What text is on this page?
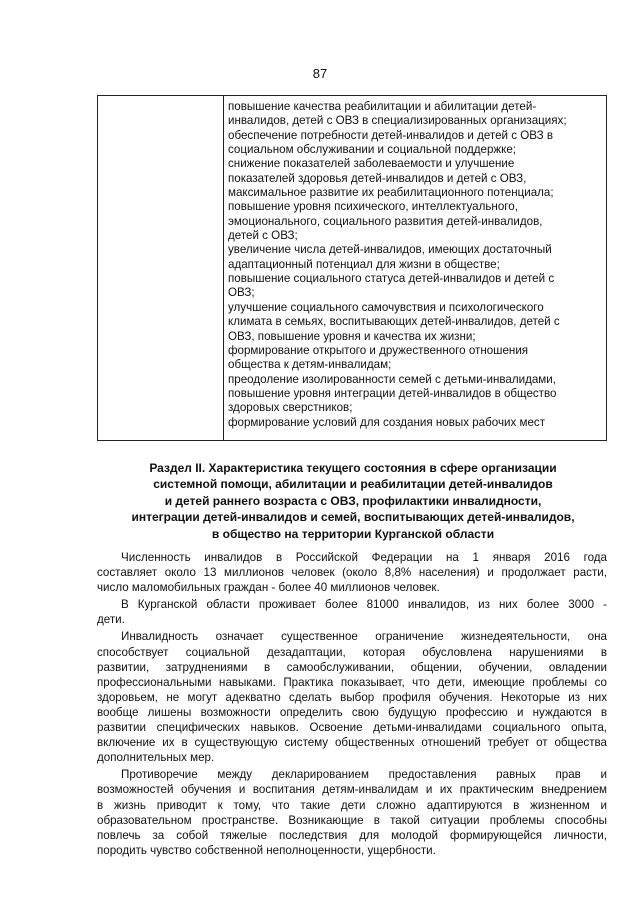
87
повышение качества реабилитации и абилитации детей-
инвалидов, детей с ОВЗ в специализированных организациях;
обеспечение потребности детей-инвалидов и детей с ОВЗ в
социальном обслуживании и социальной поддержке;
снижение показателей заболеваемости и улучшение
показателей здоровья детей-инвалидов и детей с ОВЗ,
максимальное развитие их реабилитационного потенциала;
повышение уровня психического, интеллектуального,
эмоционального, социального развития детей-инвалидов,
детей с ОВЗ;
увеличение числа детей-инвалидов, имеющих достаточный
адаптационный потенциал для жизни в обществе;
повышение социального статуса детей-инвалидов и детей с
ОВЗ;
улучшение социального самочувствия и психологического
климата в семьях, воспитывающих детей-инвалидов, детей с
ОВЗ, повышение уровня и качества их жизни;
формирование открытого и дружественного отношения
общества к детям-инвалидам;
преодоление изолированности семей с детьми-инвалидами,
повышение уровня интеграции детей-инвалидов в общество
здоровых сверстников;
формирование условий для создания новых рабочих мест
Раздел II. Характеристика текущего состояния в сфере организации
системной помощи, абилитации и реабилитации детей-инвалидов
и детей раннего возраста с ОВЗ, профилактики инвалидности,
интеграции детей-инвалидов и семей, воспитывающих детей-инвалидов,
в общество на территории Курганской области
Численность инвалидов в Российской Федерации на 1 января 2016 года
составляет около 13 миллионов человек (около 8,8% населения) и продолжает расти,
число маломобильных граждан - более 40 миллионов человек.
В Курганской области проживает более 81000 инвалидов, из них более 3000 -
дети.
Инвалидность означает существенное ограничение жизнедеятельности, она
способствует социальной дезадаптации, которая обусловлена нарушениями в
развитии, затруднениями в самообслуживании, общении, обучении, овладении
профессиональными навыками. Практика показывает, что дети, имеющие проблемы со
здоровьем, не могут адекватно сделать выбор профиля обучения. Некоторые из них
вообще лишены возможности определить свою будущую профессию и нуждаются в
развитии специфических навыков. Освоение детьми-инвалидами социального опыта,
включение их в существующую систему общественных отношений требует от общества
дополнительных мер.
Противоречие между декларированием предоставления равных прав и
возможностей обучения и воспитания детям-инвалидам и их практическим внедрением
в жизнь приводит к тому, что такие дети сложно адаптируются в жизненном и
образовательном пространстве. Возникающие в такой ситуации проблемы способны
повлечь за собой тяжелые последствия для молодой формирующейся личности,
породить чувство собственной неполноценности, ущербности.
